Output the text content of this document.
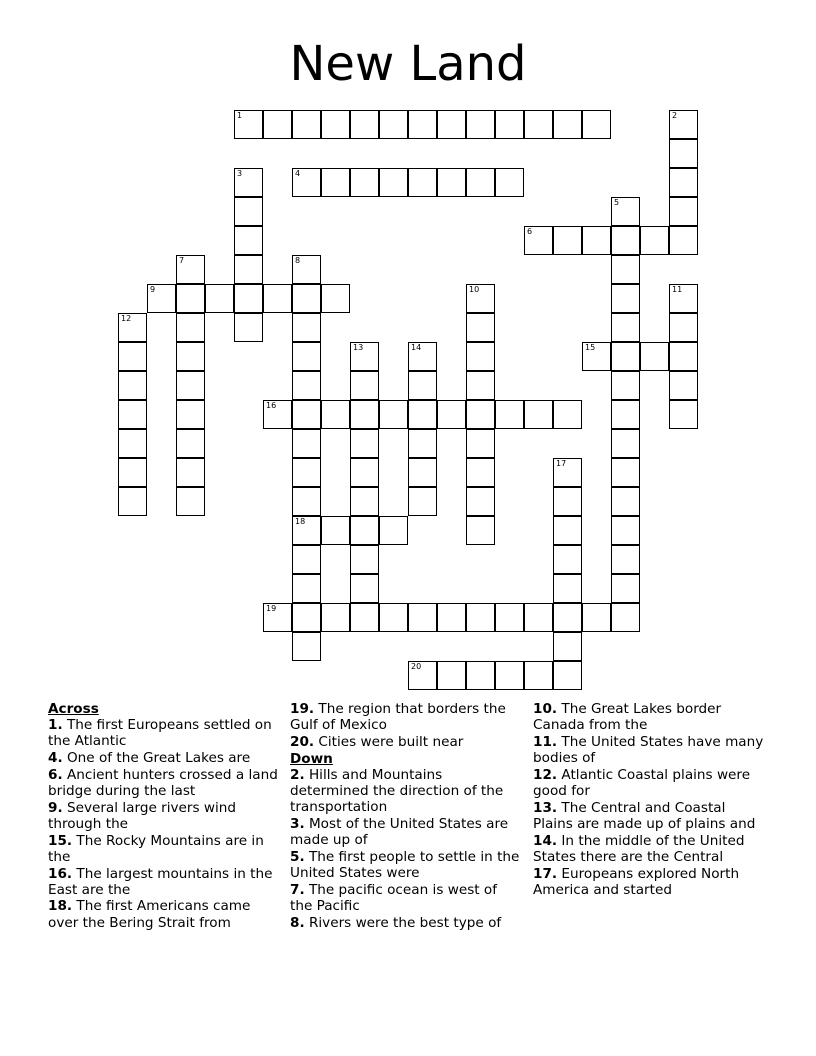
New Land
1	2
3	4
5
6
7	8
18
9	10	11
12
13	14	15
16
17
19
20

Across

1. The first Europeans settled on the Atlantic

4. One of the Great Lakes are

6. Ancient hunters crossed a land bridge during the last

9. Several large rivers wind through the

15. The Rocky Mountains are in the

16. The largest mountains in the East are the

18. The first Americans came over the Bering Strait from

19. The region that borders the Gulf of Mexico

20. Cities were built near

Down

2. Hills and Mountains determined the direction of the transportation

3. Most of the United States are made up of

5. The first people to settle in the United States were

7. The pacific ocean is west of the Pacific

8. Rivers were the best type of

10. The Great Lakes border Canada from the

11. The United States have many bodies of

12. Atlantic Coastal plains were good for

13. The Central and Coastal Plains are made up of plains and

14. In the middle of the United States there are the Central

17. Europeans explored North America and started
